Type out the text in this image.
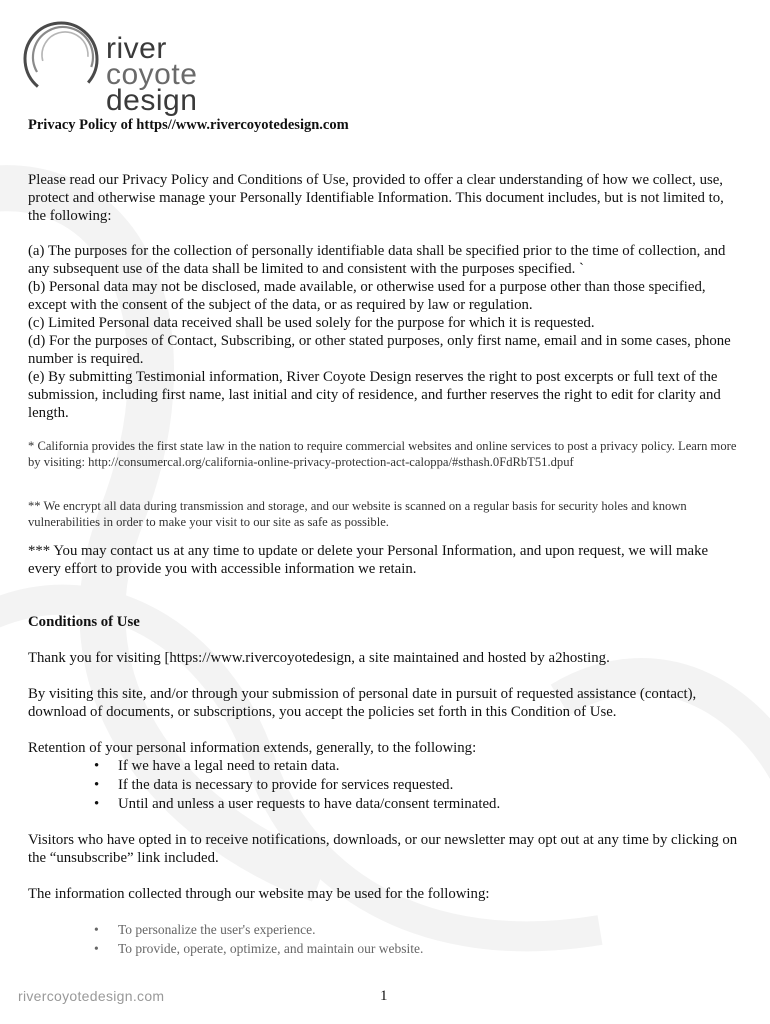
river
coyote
design
Privacy Policy of https//www.rivercoyotedesign.com

Please read our Privacy Policy and Conditions of Use, provided to offer a clear understanding of how we collect, use, protect and otherwise manage your Personally Identifiable Information. This document includes, but is not limited to, the following:

(a) The purposes for the collection of personally identifiable data shall be specified prior to the time of collection, and any subsequent use of the data shall be limited to and consistent with the purposes specified. `

(b) Personal data may not be disclosed, made available, or otherwise used for a purpose other than those specified, except with the consent of the subject of the data, or as required by law or regulation.

(c) Limited Personal data received shall be used solely for the purpose for which it is requested.

(d) For the purposes of Contact, Subscribing, or other stated purposes, only first name, email and in some cases, phone number is required.

(e) By submitting Testimonial information, River Coyote Design reserves the right to post excerpts or full text of the submission, including first name, last initial and city of residence, and further reserves the right to edit for clarity and length.

* California provides the first state law in the nation to require commercial websites and online services to post a privacy policy. Learn more by visiting: http://consumercal.org/california-online-privacy-protection-act-caloppa/#sthash.0FdRbT51.dpuf

** We encrypt all data during transmission and storage, and our website is scanned on a regular basis for security holes and known vulnerabilities in order to make your visit to our site as safe as possible.

*** You may contact us at any time to update or delete your Personal Information, and upon request, we will make every effort to provide you with accessible information we retain.

Conditions of Use

Thank you for visiting [https://www.rivercoyotedesign, a site maintained and hosted by a2hosting.

By visiting this site, and/or through your submission of personal date in pursuit of requested assistance (contact), download of documents, or subscriptions, you accept the policies set forth in this Condition of Use.

Retention of your personal information extends, generally, to the following:

• If we have a legal need to retain data.
• If the data is necessary to provide for services requested.
• Until and unless a user requests to have data/consent terminated.

Visitors who have opted in to receive notifications, downloads, or our newsletter may opt out at any time by clicking on the “unsubscribe” link included.

The information collected through our website may be used for the following:

• To personalize the user's experience.
• To provide, operate, optimize, and maintain our website.
rivercoyotedesign.com	1
